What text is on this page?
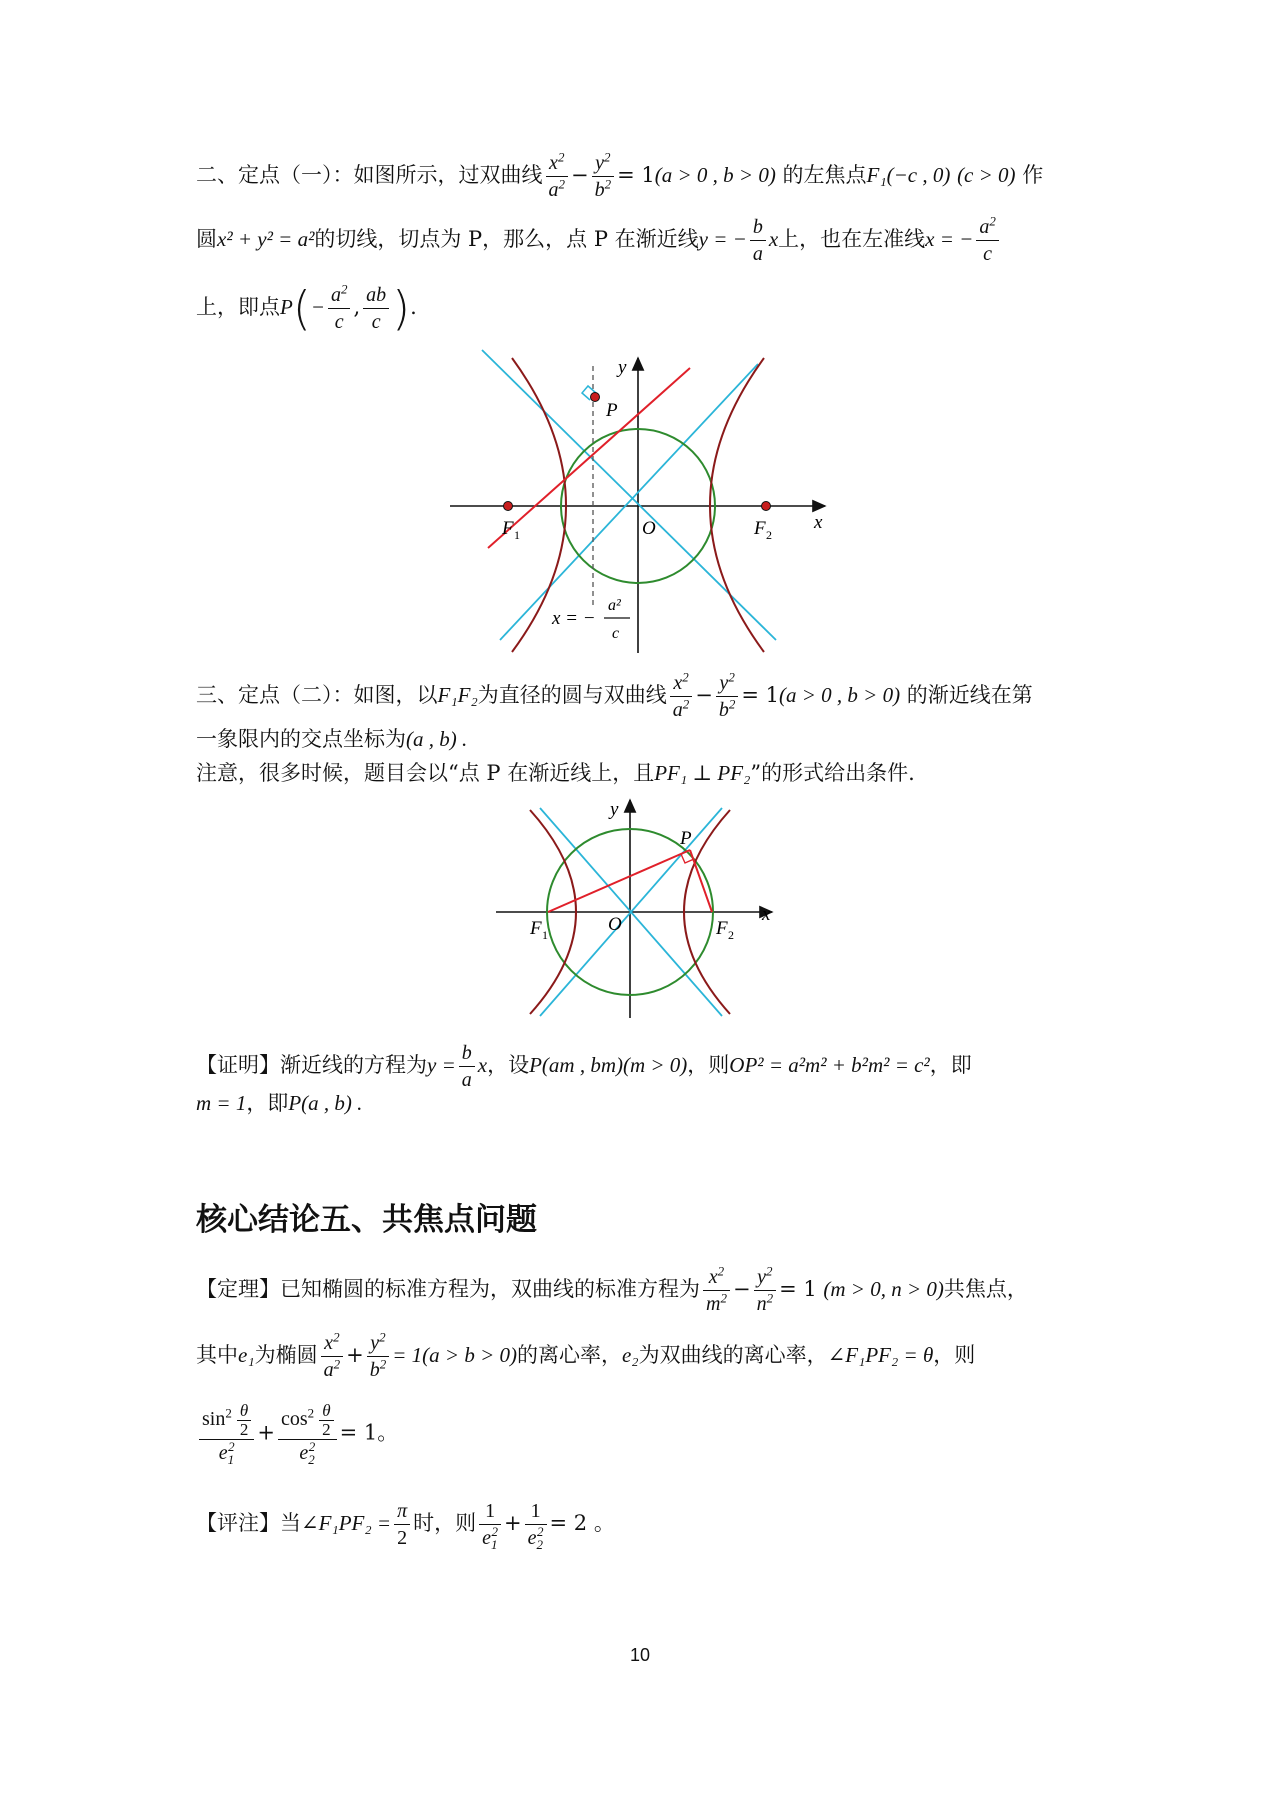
二、定点（一）：如图所示，过双曲线 $\frac{x^2}{a^2} - \frac{y^2}{b^2} = 1(a > 0$ , b > 0) 的左焦点F₁(−c , 0) (c > 0) 作
圆x² + y² = a²的切线，切点为 P，那么，点 P 在渐近线y = − $\frac{b}{a}$ x上，也在左准线x = − $\frac{a^2}{c}$
上，即点$P(- \frac{a^2}{c}$ , $\frac{ab}{c}$ ).
y
x
P
O
F 1	F 2
x = −
a²
c
三、定点（二）：如图，以F₁F₂为直径的圆与双曲线 $\frac{x^2}{a^2} - \frac{y^2}{b^2} = 1(a > 0$ , b > 0) 的渐近线在第
一象限内的交点坐标为(a , b) .
注意，很多时候，题目会以“点 P 在渐近线上，且PF₁ ⊥ PF₂”的形式给出条件.
y
x
P
O
F 1	F 2
【证明】渐近线的方程为$y = \frac{b}{a}$ x，设P(am , bm)(m > 0)，则OP² = a²m² + b²m² = c²，即
m = 1，即P(a , b) .
核心结论五、共焦点问题
【定理】已知椭圆的标准方程为，双曲线的标准方程为 $\frac{x^2}{m^2} - \frac{y^2}{n^2} = 1$ (m > 0, n > 0)共焦点，
其中e₁为椭圆 $\frac{x^2}{a^2} + \frac{y^2}{b^2} = 1(a > b > 0)$的离心率，e₂为双曲线的离心率，∠F₁PF₂ = θ，则
$\frac{\sin^2 \frac{\theta}{2}}{e_1^2} + \frac{\cos^2 \frac{\theta}{2}}{e_2^2} = 1$。
【评注】当∠F₁PF₂ = $\frac{\pi}{2}$ 时，则 $\frac{1}{e_1^2} + \frac{1}{e_2^2} = 2$ 。
10
